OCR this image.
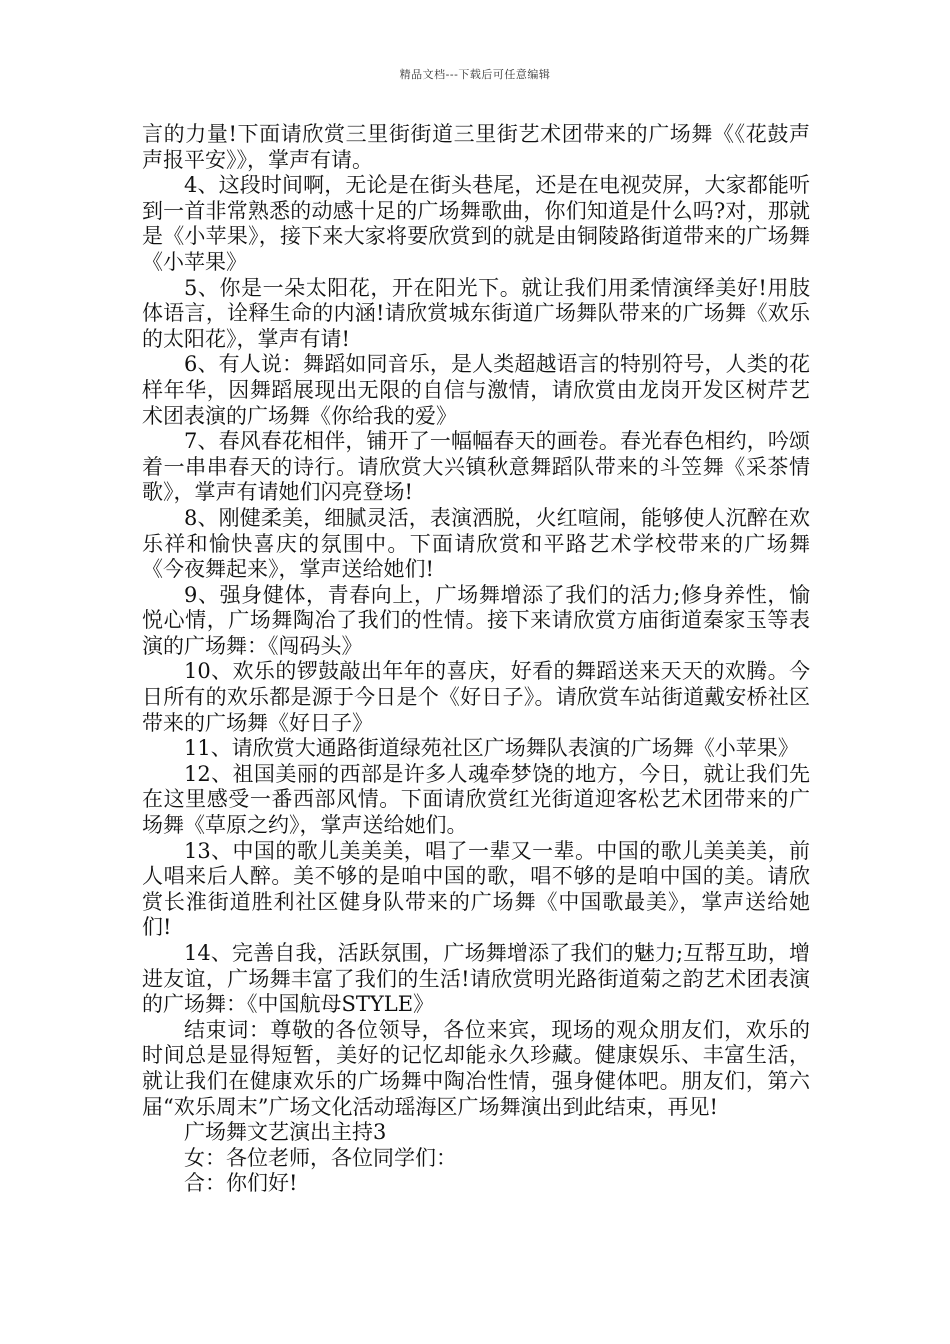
精品文档---下载后可任意编辑

言的力量!下面请欣赏三里街街道三里街艺术团带来的广场舞《《花鼓声声报平安》》，掌声有请。

4、这段时间啊，无论是在街头巷尾，还是在电视荧屏，大家都能听到一首非常熟悉的动感十足的广场舞歌曲，你们知道是什么吗?对，那就是《小苹果》，接下来大家将要欣赏到的就是由铜陵路街道带来的广场舞《小苹果》

5、你是一朵太阳花，开在阳光下。就让我们用柔情演绎美好!用肢体语言，诠释生命的内涵!请欣赏城东街道广场舞队带来的广场舞《欢乐的太阳花》，掌声有请!

6、有人说：舞蹈如同音乐，是人类超越语言的特别符号，人类的花样年华，因舞蹈展现出无限的自信与激情，请欣赏由龙岗开发区树芹艺术团表演的广场舞《你给我的爱》

7、春风春花相伴，铺开了一幅幅春天的画卷。春光春色相约，吟颂着一串串春天的诗行。请欣赏大兴镇秋意舞蹈队带来的斗笠舞《采茶情歌》，掌声有请她们闪亮登场!

8、刚健柔美，细腻灵活，表演洒脱，火红喧闹，能够使人沉醉在欢乐祥和愉快喜庆的氛围中。下面请欣赏和平路艺术学校带来的广场舞《今夜舞起来》，掌声送给她们!

9、强身健体，青春向上，广场舞增添了我们的活力;修身养性，愉悦心情，广场舞陶冶了我们的性情。接下来请欣赏方庙街道秦家玉等表演的广场舞：《闯码头》

10、欢乐的锣鼓敲出年年的喜庆，好看的舞蹈送来天天的欢腾。今日所有的欢乐都是源于今日是个《好日子》。请欣赏车站街道戴安桥社区带来的广场舞《好日子》

11、请欣赏大通路街道绿苑社区广场舞队表演的广场舞《小苹果》

12、祖国美丽的西部是许多人魂牵梦饶的地方，今日，就让我们先在这里感受一番西部风情。下面请欣赏红光街道迎客松艺术团带来的广场舞《草原之约》，掌声送给她们。

13、中国的歌儿美美美，唱了一辈又一辈。中国的歌儿美美美，前人唱来后人醉。美不够的是咱中国的歌，唱不够的是咱中国的美。请欣赏长淮街道胜利社区健身队带来的广场舞《中国歌最美》，掌声送给她们!

14、完善自我，活跃氛围，广场舞增添了我们的魅力;互帮互助，增进友谊，广场舞丰富了我们的生活!请欣赏明光路街道菊之韵艺术团表演的广场舞：《中国航母STYLE》

结束词：尊敬的各位领导，各位来宾，现场的观众朋友们，欢乐的时间总是显得短暂，美好的记忆却能永久珍藏。健康娱乐、丰富生活，就让我们在健康欢乐的广场舞中陶冶性情，强身健体吧。朋友们，第六届“欢乐周末”广场文化活动瑶海区广场舞演出到此结束，再见!

广场舞文艺演出主持3

女：各位老师，各位同学们：

合：你们好!
